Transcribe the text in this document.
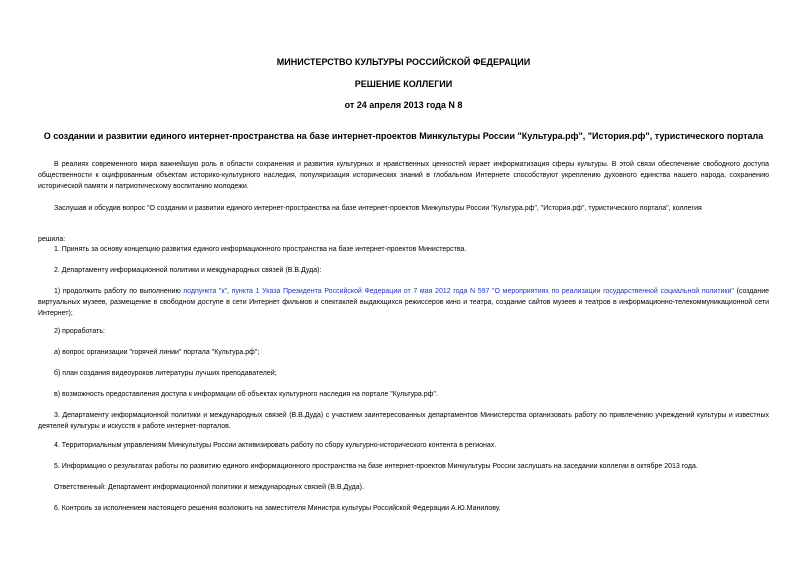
МИНИСТЕРСТВО КУЛЬТУРЫ РОССИЙСКОЙ ФЕДЕРАЦИИ
РЕШЕНИЕ КОЛЛЕГИИ
от 24 апреля 2013 года N 8
О создании и развитии единого интернет-пространства на базе интернет-проектов Минкультуры России "Культура.рф", "История.рф", туристического портала
В реалиях современного мира важнейшую роль в области сохранения и развития культурных и нравственных ценностей играет информатизация сферы культуры. В этой связи обеспечение свободного доступа общественности к оцифрованным объектам историко-культурного наследия, популяризация исторических знаний в глобальном Интернете способствуют укреплению духовного единства нашего народа, сохранению исторической памяти и патриотическому воспитанию молодежи.
Заслушав и обсудив вопрос "О создании и развитии единого интернет-пространства на базе интернет-проектов Минкультуры России "Культура.рф", "История.рф", туристического портала", коллегия
решила:
1. Принять за основу концепцию развития единого информационного пространства на базе интернет-проектов Министерства.
2. Департаменту информационной политики и международных связей (В.В.Дуда):
1) продолжить работу по выполнению подпункта "к", пункта 1 Указа Президента Российской Федерации от 7 мая 2012 года N 597 "О мероприятиях по реализации государственной социальной политики" (создание виртуальных музеев, размещение в свободном доступе в сети Интернет фильмов и спектаклей выдающихся режиссеров кино и театра, создание сайтов музеев и театров в информационно-телекоммуникационной сети Интернет);
2) проработать:
а) вопрос организации "горячей линии" портала "Культура.рф";
б) план создания видеоуроков литературы лучших преподавателей;
в) возможность предоставления доступа к информации об объектах культурного наследия на портале "Культура.рф".
3. Департаменту информационной политики и международных связей (В.В.Дуда) с участием заинтересованных департаментов Министерства организовать работу по привлечению учреждений культуры и известных деятелей культуры и искусств к работе интернет-порталов.
4. Территориальным управлениям Минкультуры России активизировать работу по сбору культурно-исторического контента в регионах.
5. Информацию о результатах работы по развитию единого информационного пространства на базе интернет-проектов Минкультуры России заслушать на заседании коллегии в октябре 2013 года.
Ответственный: Департамент информационной политики и международных связей (В.В.Дуда).
6. Контроль за исполнением настоящего решения возложить на заместителя Министра культуры Российской Федерации А.Ю.Манилову.
